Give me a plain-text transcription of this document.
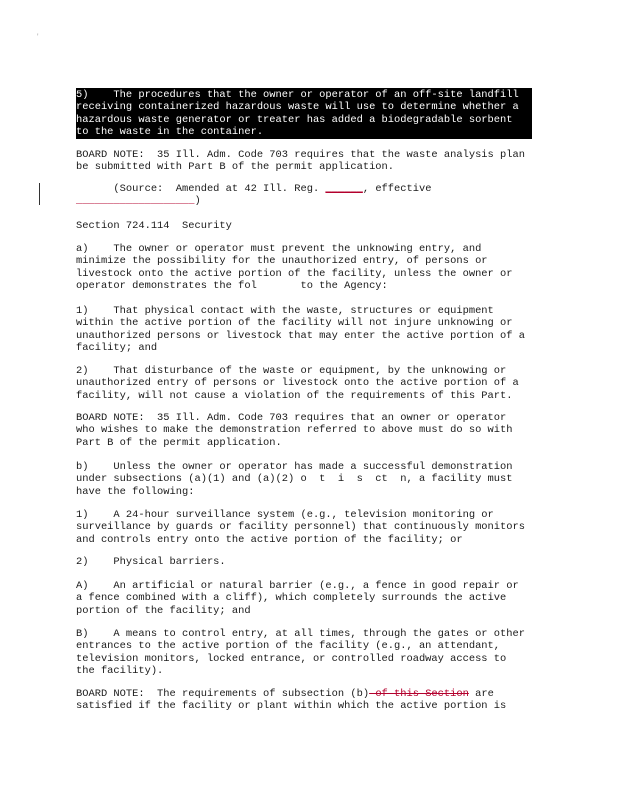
'
5)    The procedures that the owner or operator of an off-site landfill
receiving containerized hazardous waste will use to determine whether a
hazardous waste generator or treater has added a biodegradable sorbent
to the waste in the container.
BOARD NOTE:  35 Ill. Adm. Code 703 requires that the waste analysis plan
be submitted with Part B of the permit application.
(Source:  Amended at 42 Ill. Reg. ______, effective
___________________)
Section 724.114  Security
a)    The owner or operator must prevent the unknowing entry, and
minimize the possibility for the unauthorized entry, of persons or
livestock onto the active portion of the facility, unless the owner or
operator demonstrates the fol       to the Agency:
1)    That physical contact with the waste, structures or equipment
within the active portion of the facility will not injure unknowing or
unauthorized persons or livestock that may enter the active portion of a
facility; and
2)    That disturbance of the waste or equipment, by the unknowing or
unauthorized entry of persons or livestock onto the active portion of a
facility, will not cause a violation of the requirements of this Part.
BOARD NOTE:  35 Ill. Adm. Code 703 requires that an owner or operator
who wishes to make the demonstration referred to above must do so with
Part B of the permit application.
b)    Unless the owner or operator has made a successful demonstration
under subsections (a)(1) and (a)(2) o  t  i  s  ct  n, a facility must
have the following:
1)    A 24-hour surveillance system (e.g., television monitoring or
surveillance by guards or facility personnel) that continuously monitors
and controls entry onto the active portion of the facility; or
2)    Physical barriers.
A)    An artificial or natural barrier (e.g., a fence in good repair or
a fence combined with a cliff), which completely surrounds the active
portion of the facility; and
B)    A means to control entry, at all times, through the gates or other
entrances to the active portion of the facility (e.g., an attendant,
television monitors, locked entrance, or controlled roadway access to
the facility).
BOARD NOTE:  The requirements of subsection (b) of this Section are
satisfied if the facility or plant within which the active portion is
